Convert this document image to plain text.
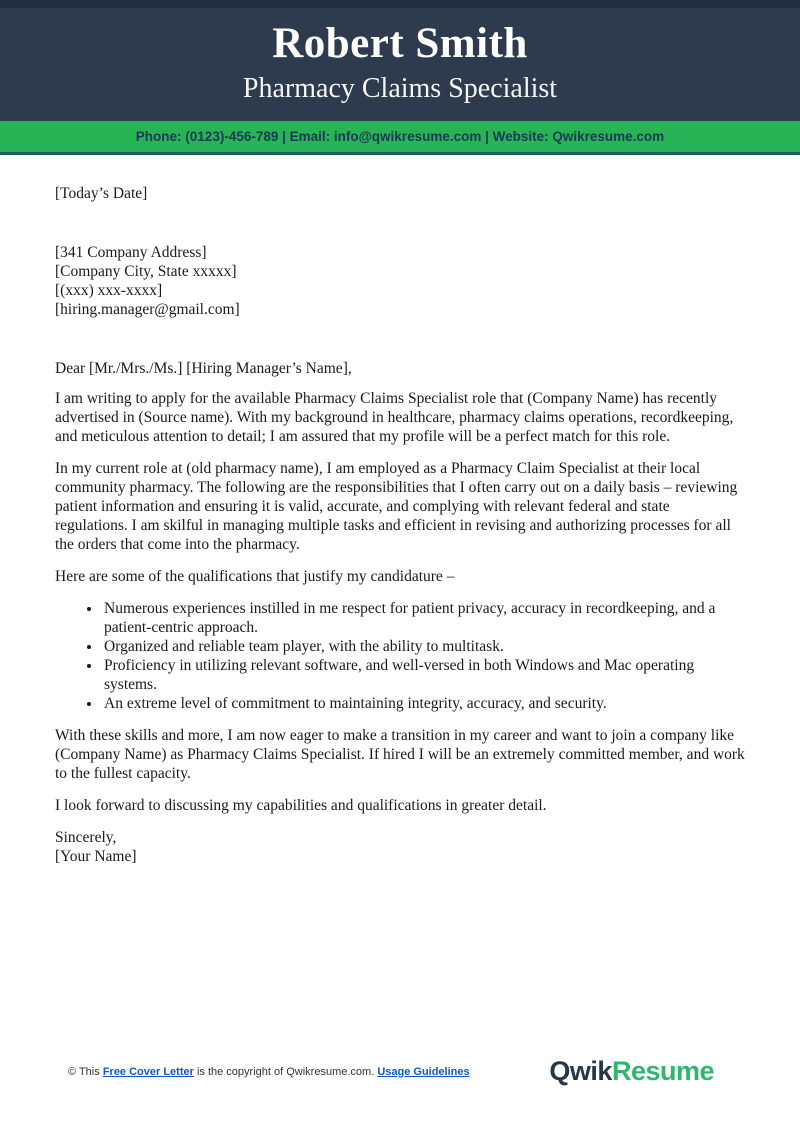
Robert Smith
Pharmacy Claims Specialist
Phone: (0123)-456-789 | Email: info@qwikresume.com | Website: Qwikresume.com
[Today’s Date]
[341 Company Address]
[Company City, State xxxxx]
[(xxx) xxx-xxxx]
[hiring.manager@gmail.com]
Dear [Mr./Mrs./Ms.] [Hiring Manager’s Name],

I am writing to apply for the available Pharmacy Claims Specialist role that (Company Name) has recently advertised in (Source name). With my background in healthcare, pharmacy claims operations, recordkeeping, and meticulous attention to detail; I am assured that my profile will be a perfect match for this role.

In my current role at (old pharmacy name), I am employed as a Pharmacy Claim Specialist at their local community pharmacy. The following are the responsibilities that I often carry out on a daily basis – reviewing patient information and ensuring it is valid, accurate, and complying with relevant federal and state regulations. I am skilful in managing multiple tasks and efficient in revising and authorizing processes for all the orders that come into the pharmacy.

Here are some of the qualifications that justify my candidature –

• Numerous experiences instilled in me respect for patient privacy, accuracy in recordkeeping, and a patient-centric approach.
• Organized and reliable team player, with the ability to multitask.
• Proficiency in utilizing relevant software, and well-versed in both Windows and Mac operating systems.
• An extreme level of commitment to maintaining integrity, accuracy, and security.

With these skills and more, I am now eager to make a transition in my career and want to join a company like (Company Name) as Pharmacy Claims Specialist. If hired I will be an extremely committed member, and work to the fullest capacity.

I look forward to discussing my capabilities and qualifications in greater detail.

Sincerely,
[Your Name]
© This Free Cover Letter is the copyright of Qwikresume.com. Usage Guidelines	QwikResume
